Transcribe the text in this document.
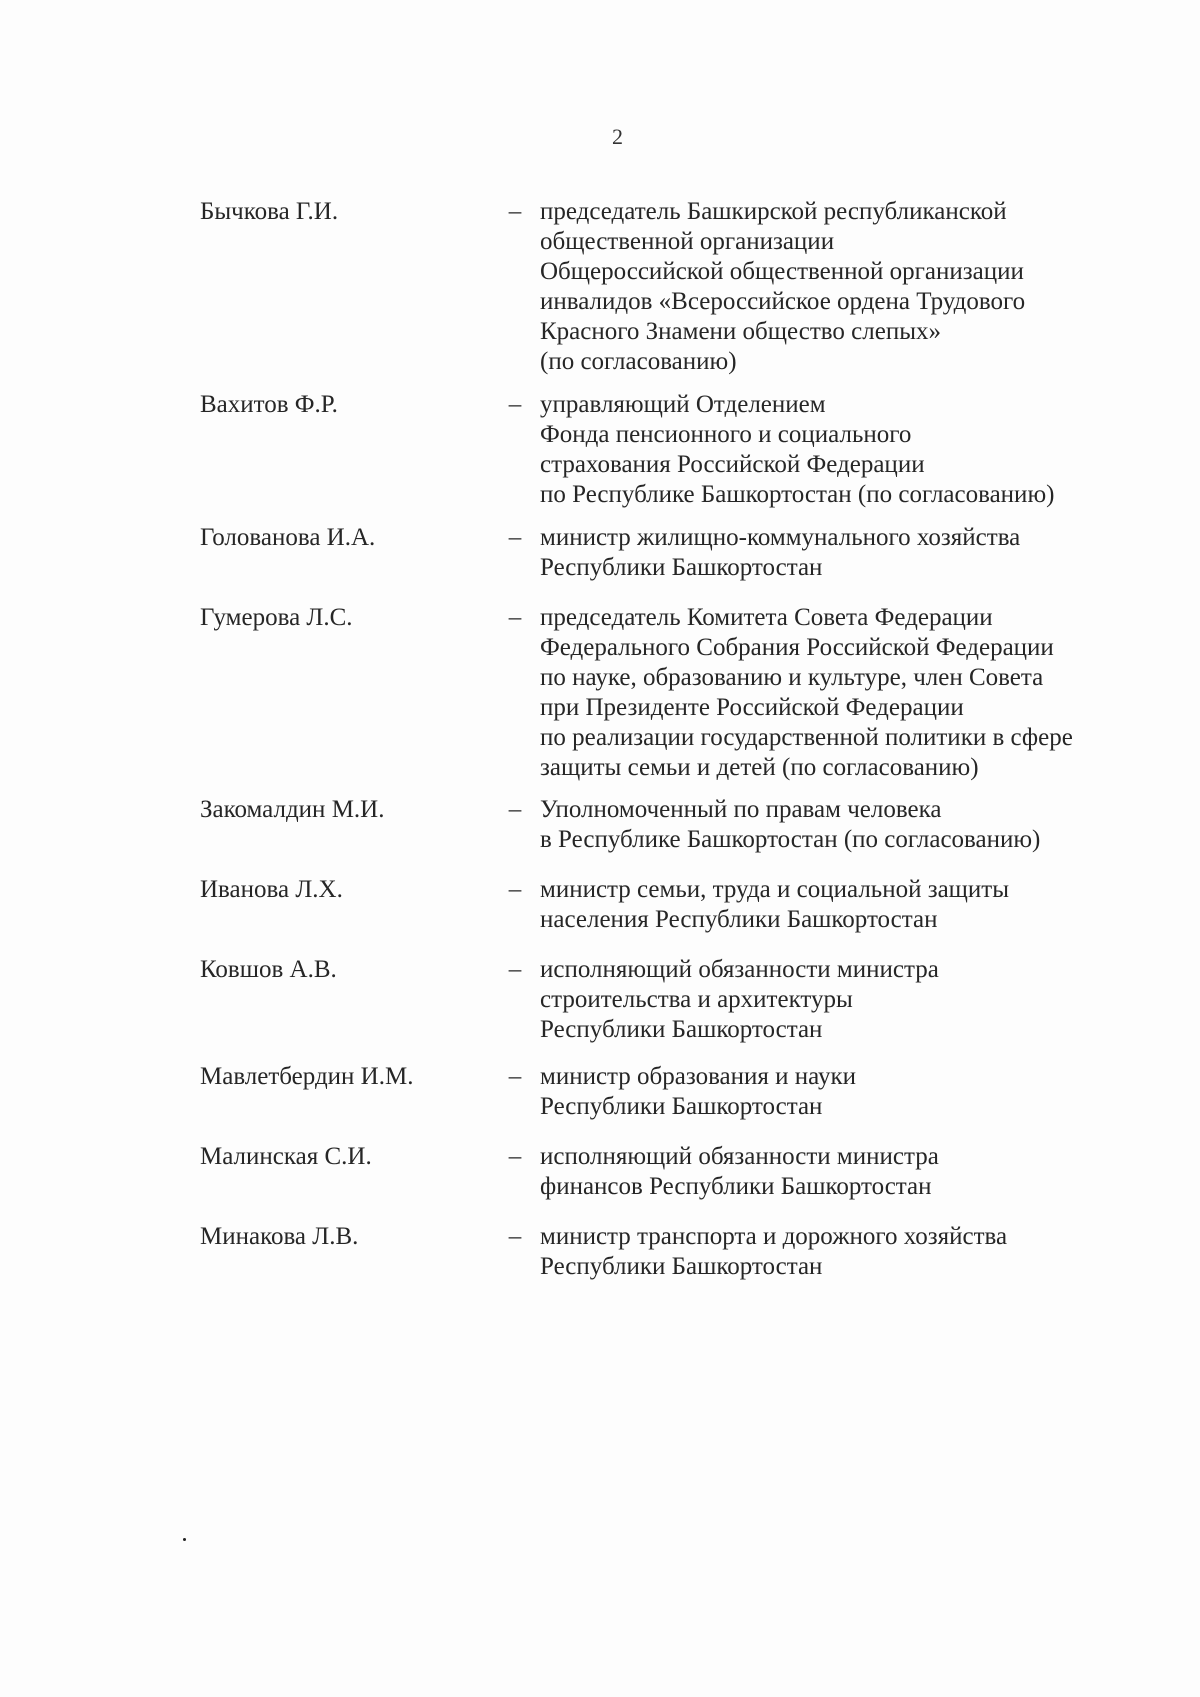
2
Бычкова Г.И.	– председатель Башкирской республиканской
общественной организации
Общероссийской общественной организации
инвалидов «Всероссийское ордена Трудового
Красного Знамени общество слепых»
(по согласованию)
Вахитов Ф.Р.	– управляющий Отделением
Фонда пенсионного и социального
страхования Российской Федерации
по Республике Башкортостан (по согласованию)
Голованова И.А.	– министр жилищно-коммунального хозяйства
Республики Башкортостан
Гумерова Л.С.	– председатель Комитета Совета Федерации
Федерального Собрания Российской Федерации
по науке, образованию и культуре, член Совета
при Президенте Российской Федерации
по реализации государственной политики в сфере
защиты семьи и детей (по согласованию)
Закомалдин М.И.	– Уполномоченный по правам человека
в Республике Башкортостан (по согласованию)
Иванова Л.Х.	– министр семьи, труда и социальной защиты
населения Республики Башкортостан
Ковшов А.В.	– исполняющий обязанности министра
строительства и архитектуры
Республики Башкортостан
Мавлетбердин И.М.	– министр образования и науки
Республики Башкортостан
Малинская С.И.	– исполняющий обязанности министра
финансов Республики Башкортостан
Минакова Л.В.	– министр транспорта и дорожного хозяйства
Республики Башкортостан
